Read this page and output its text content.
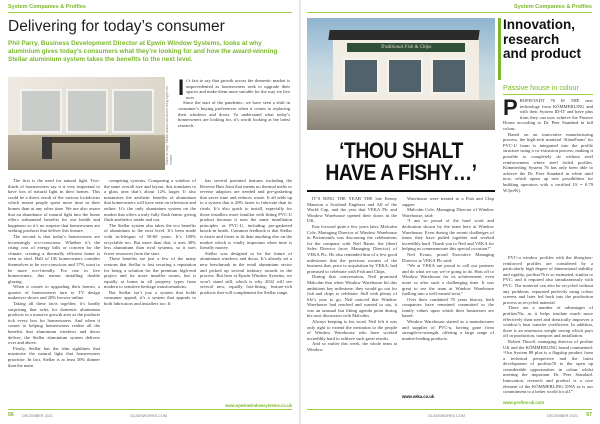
System Companies & Profiles	System Companies & Profiles
Delivering for today’s consumer

Phil Parry, Business Development Director at Epwin Window Systems, looks at why aluminium gives today’s consumers what they’re looking for and how the award-winning Stellar aluminium system takes the benefits to the next level.

Glass to stay: Stellar aluminium doors bring light into homes
It’s fair to say that growth across the domestic market is unprecedented as homeowners seek to upgrade their spaces and make them more suitable for the way we live now.
Since the start of the pandemic, we have seen a shift in consumer’s buying preferences when it comes to replacing their windows and doors. To understand what today’s homeowners are looking for, it’s worth looking at the latest research.
The first is the need for natural light. Two-thirds of homeowners say it is very important to have lots of natural light in their homes. This could be a direct result of the various lockdowns which meant people spent more time in their homes than at any other time. We are also aware that an abundance of natural light into the home offers substantial benefits for our health and happiness so it’s no surprise that homeowners are seeking products that deliver this feature.
The second is that today’s homeowners are increasingly eco-conscious. Whether it’s the rising cost of energy bills or concern for the climate, creating a thermally efficient home is seen as vital. Half of UK homeowners consider themselves to be eco-conscious and 57% want to be more eco-friendly. For one in five homeowners, this means installing double glazing.
When it comes to upgrading their homes, a quarter of homeowners turn to TV design makeover shows and 20% browse online.
Taking all these facts together, it’s hardly surprising that sales for domestic aluminium products in a massive growth area as the products tick every box for homeowners. And when it comes to helping homeowners realise all the benefits that aluminium windows and doors deliver, the Stellar aluminium system delivers over and above.
Firstly, Stellar has the slim sightlines that maximise the natural light that homeowners prioritise. In fact, Stellar is at least 30% thinner than the main
competing systems. Comparing a window of the same overall size and layout, this translates to a glass area that’s about 12% larger. It also maximises the aesthetic benefits of aluminium that homeowners will have seen on television and online. It’s the only aluminium system on the market that offers a truly fully flush frame, giving flush aesthetics inside and out.
The Stellar system also takes the eco benefits of aluminium to the next level. It’s been made with in-lifespan of 50-60 years. It’s 100% recyclable too. But more than that, it uses 30% less aluminium than rival systems, so it uses fewer resources from the start.
These benefits are just a few of the many reasons that Stellar is fast securing a reputation for being a solution for the premium high-end project and for more installer routes, but is equally at home in all property types from modern to sensitive heritage transformations.
But Stellar isn’t just a system that holds consumer appeal, it’s a system that appeals to both fabricators and installers too. It
has several patented features including the Reverse Butt Joint that means no thermal melts or reverse adaptors are needed and pre-gasketing that saves time and reduces waste. It all adds up to a system that is 20% faster to fabricate than its rivals. It’s also quick to install, especially for those installers more familiar with fitting PVC-U product because it uses the same installation principles as PVC-U, including pre-gasketed knock-in beads. Common feedback is that Stellar is easier and faster to fit than anything else on the market which is vitally important when time is literally money.
Stellar was designed to be the future of aluminium windows and doors. It’s already set a new benchmark in the retail aluminium sector and picked up several industry awards in the process. But here at Epwin Window Systems, we won’t stand still, which is why 2022 will see several new, equally fast-fitting, feature-rich products that will complement the Stellar range.
www.epwinwindowsystems.co.uk
Traditional Fish & Chips
‘THOU SHALT
HAVE A FISHY…’
IT’S RING THE YEAR THE late Kenny Mansion a Scotland Englezer and All of the World Cup, and the year that VEKA Plc and Window Warehouse opened their doors in the UK.
Fast forward quite a few years later, Malcolm Cole, Managing Director of Window Warehouse in Portsmouth, was discussing the celebrations for the company with Neil Barne, the (then) Sales Director (now Managing Director) of VEKA Plc. He also reminded him of a few good milestones that the previous owners of the business that, prior to acquisition by VEKA, had promised to celebrate with Fish and Chips.
During that conversation, Neil promised Malcolm that when Window Warehouse hit this ambitious key milestone, they would go out for fish and chips to celebrate. Still with plenty of life’s year to go, Neil noticed that Window Warehouse had reached and wanted to say, it was an unusual but fitting agenda point during his next discussion with Malcolm.
Always keeping to his word, Neil felt it was only right to extend the invitation to the people of Window Warehouse who have worked incredibly hard to achieve such great results.
And so earlier this week, the whole team at Window
Warehouse were treated to a Fish and Chip supper.
Malcolm Cole, Managing Director of Window Warehouse, said:
“I am so proud of the hard work and dedication shown by the team here at Window Warehouse. Even during the recent challenges of times they have pulled together and worked incredibly hard. Thank you to Neil and VEKA for helping us commemorate this special occasion!”
Neil Evans, proud Executive Managing Director at VEKA Plc said:
“We at VEKA are proud to call our partners and do what we say we’re going to do. Hats off to Window Warehouse for its achievement, even more so after such a challenging time. It was great to see the team at Window Warehouse fuelling into a well-earned treat.”
Over their combined 70 years history, both companies have remained committed to the family values upon which their businesses are based.
Window Warehouse started as a manufacturer and supplier of PVC-u, having gone from strength-to-strength, offering a large range of market-leading products.
www.veka.co.uk
Innovation,
research
and product
Passive house in colour
PROFISTADT 76 IS THE new technology from KÖMMERLING and with their System ID-IT and have plus from they can now achieve the Passive House according to Dr. Peer Standard in full colour.
Based on an innovative manufacturing process, the high-tech material ‘KönaFoam’ for PVC-U foam is integrated into the profile structure using a co-extrusion process, making it possible to completely do without steel reinforcement where steel foiled profiles. Kömmerling System 76 has only been able to achieve the Dr. Peer Standard in white until now, which opens up new possibilities for building operators with a certified Uf = 0.79 W/(m²K).
PVC-u window profiles with the fibreglass-reinforced profiles are considered by a particularly high degree of dimensional stability and rigidity, profitas76 is so estimated, similar to PVC, and if required also simultaneously with PVC. The material can also be recycled without any problems, separated perfectly using colour screens and later fed back into the production process as recycled material.
There are a number of advantages of profitas76s, as it helps insulate much more effectively than steel and drastically improves a window’s heat transfer coefficient. In addition, there is an enormous weight saving which pays off in production, transport and installation.
Robert Thiroff, managing director of profine UK and the KÖMMERLING brand commented: “Our System 88 plus is a flagship product from a technical perspective and the latest development of profitas76 to the open up considerable opportunities in colour whilst meeting the important Dr. Peer Standard. Innovation, research and product is a core element of the KÖMMERLING DNA as is our commitment to a better world for all.”
www.profine-uk.com
56 DECEMBER 2021	GLASSWORKS.COM	GLASSWORKS.COM	DECEMBER 2021 57
